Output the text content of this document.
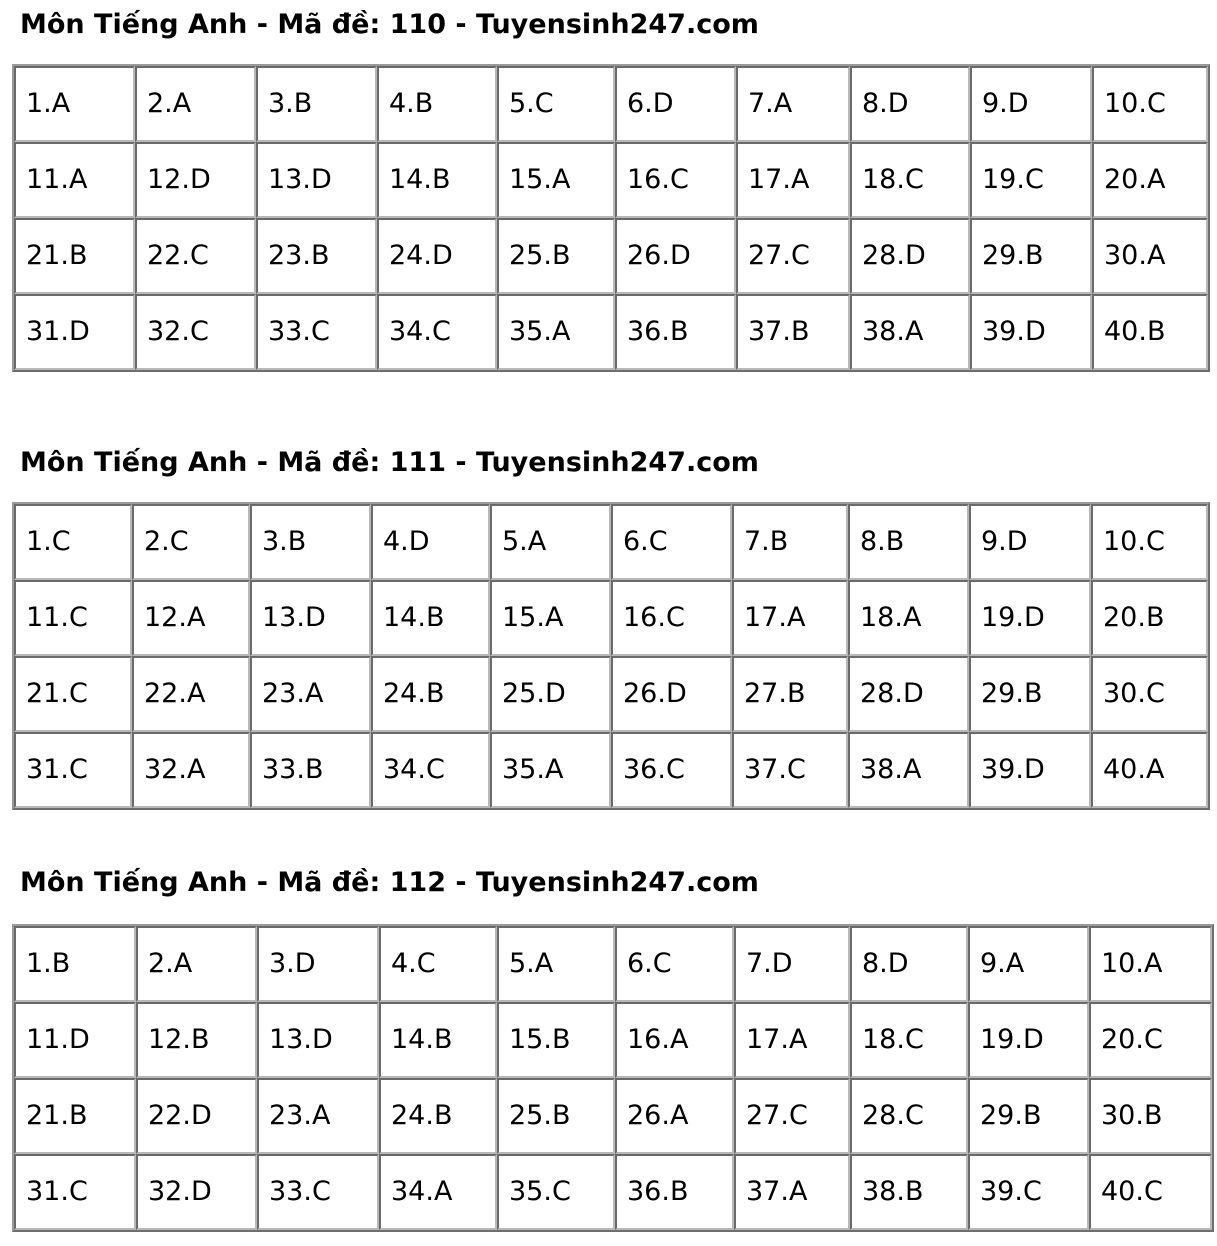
Môn Tiếng Anh - Mã đề: 110 - Tuyensinh247.com
1.A	2.A	3.B	4.B	5.C	6.D	7.A	8.D	9.D	10.C
11.A	12.D	13.D	14.B	15.A	16.C	17.A	18.C	19.C	20.A
21.B	22.C	23.B	24.D	25.B	26.D	27.C	28.D	29.B	30.A
31.D	32.C	33.C	34.C	35.A	36.B	37.B	38.A	39.D	40.B
Môn Tiếng Anh - Mã đề: 111 - Tuyensinh247.com
1.C	2.C	3.B	4.D	5.A	6.C	7.B	8.B	9.D	10.C
11.C	12.A	13.D	14.B	15.A	16.C	17.A	18.A	19.D	20.B
21.C	22.A	23.A	24.B	25.D	26.D	27.B	28.D	29.B	30.C
31.C	32.A	33.B	34.C	35.A	36.C	37.C	38.A	39.D	40.A
Môn Tiếng Anh - Mã đề: 112 - Tuyensinh247.com
1.B	2.A	3.D	4.C	5.A	6.C	7.D	8.D	9.A	10.A
11.D	12.B	13.D	14.B	15.B	16.A	17.A	18.C	19.D	20.C
21.B	22.D	23.A	24.B	25.B	26.A	27.C	28.C	29.B	30.B
31.C	32.D	33.C	34.A	35.C	36.B	37.A	38.B	39.C	40.C
